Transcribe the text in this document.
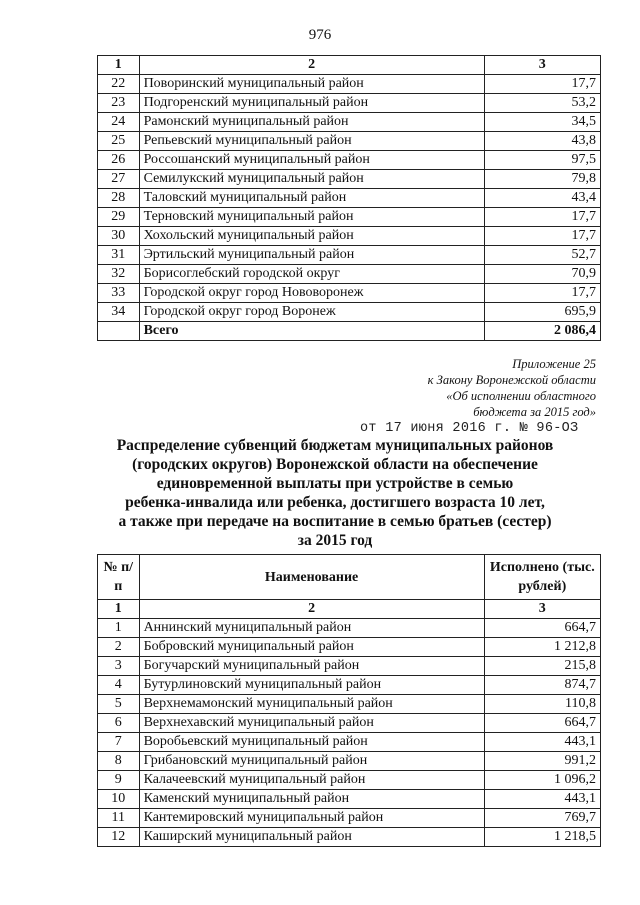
976
1	2	3
22	Поворинский муниципальный район	17,7
23	Подгоренский муниципальный район	53,2
24	Рамонский муниципальный район	34,5
25	Репьевский муниципальный район	43,8
26	Россошанский муниципальный район	97,5
27	Семилукский муниципальный район	79,8
28	Таловский муниципальный район	43,4
29	Терновский муниципальный район	17,7
30	Хохольский муниципальный район	17,7
31	Эртильский муниципальный район	52,7
32	Борисоглебский городской округ	70,9
33	Городской округ город Нововоронеж	17,7
34	Городской округ город Воронеж	695,9
	Всего	2 086,4
Приложение 25
к Закону Воронежской области
«Об исполнении областного
бюджета за 2015 год»
от 17 июня 2016 г. № 96-ОЗ
Распределение субвенций бюджетам муниципальных районов
(городских округов) Воронежской области на обеспечение
единовременной выплаты при устройстве в семью
ребенка-инвалида или ребенка, достигшего возраста 10 лет,
а также при передаче на воспитание в семью братьев (сестер)
за 2015 год
№ п/п	Наименование	Исполнено (тыс. рублей)
1	2	3
1	Аннинский муниципальный район	664,7
2	Бобровский муниципальный район	1 212,8
3	Богучарский муниципальный район	215,8
4	Бутурлиновский муниципальный район	874,7
5	Верхнемамонский муниципальный район	110,8
6	Верхнехавский муниципальный район	664,7
7	Воробьевский муниципальный район	443,1
8	Грибановский муниципальный район	991,2
9	Калачеевский муниципальный район	1 096,2
10	Каменский муниципальный район	443,1
11	Кантемировский муниципальный район	769,7
12	Каширский муниципальный район	1 218,5
